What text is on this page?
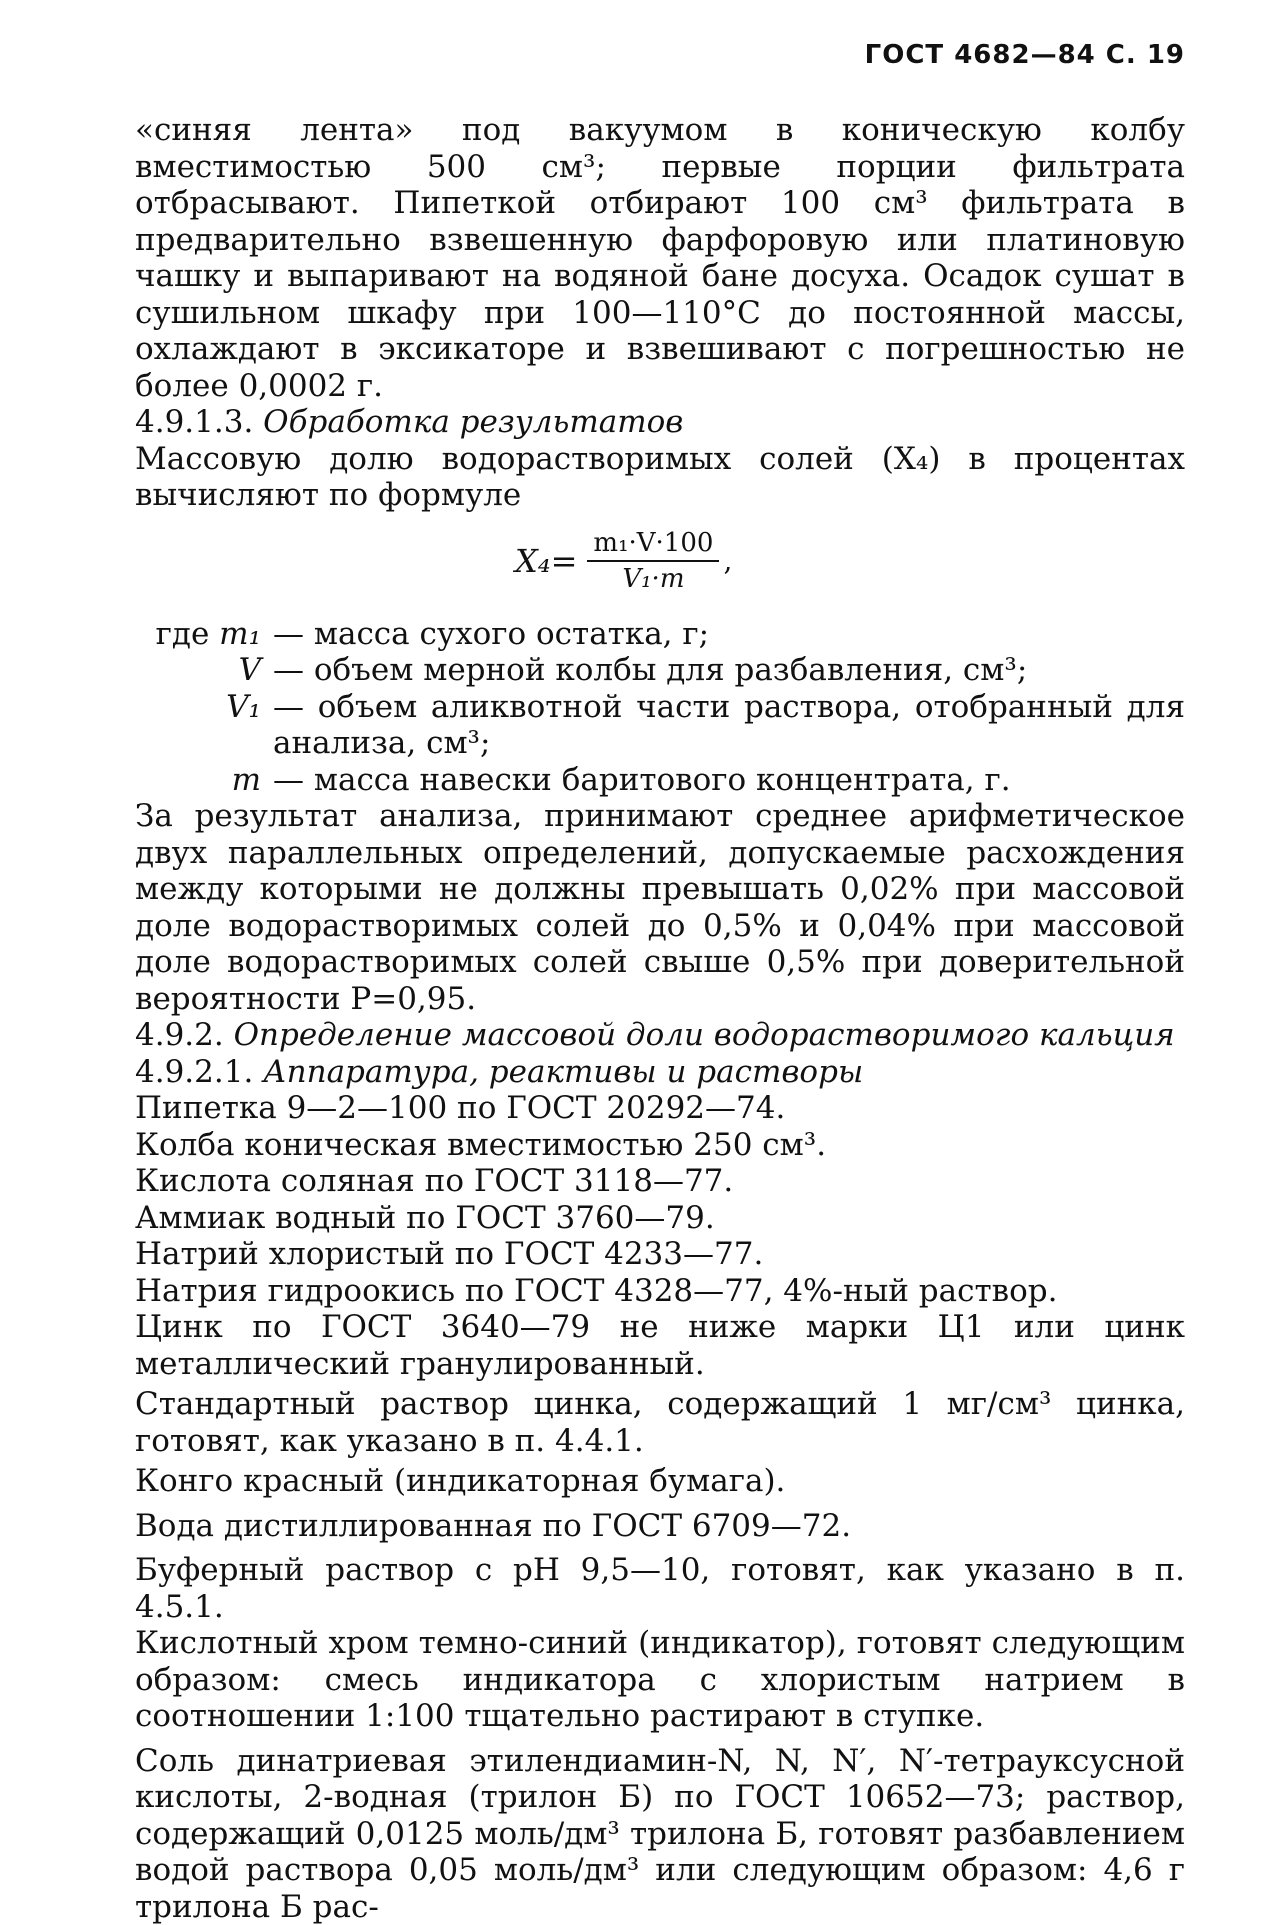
ГОСТ 4682—84 С. 19

«синяя лента» под вакуумом в коническую колбу вместимостью 500 см³; первые порции фильтрата отбрасывают. Пипеткой отбирают 100 см³ фильтрата в предварительно взвешенную фарфоровую или платиновую чашку и выпаривают на водяной бане досуха. Осадок сушат в сушильном шкафу при 100—110°С до постоянной массы, охлаждают в эксикаторе и взвешивают с погрешностью не более 0,0002 г.

4.9.1.3. Обработка результатов

Массовую долю водорастворимых солей (X₄) в процентах вычисляют по формуле

$X_4= \frac{\text{m₁·V·100}}{\text{V₁·m}}$ ,
где m₁ — масса сухого остатка, г;
V — объем мерной колбы для разбавления, см³;
V₁ — объем аликвотной части раствора, отобранный для анализа, см³;
m — масса навески баритового концентрата, г.

За результат анализа, принимают среднее арифметическое двух параллельных определений, допускаемые расхождения между которыми не должны превышать 0,02% при массовой доле водорастворимых солей до 0,5% и 0,04% при массовой доле водорастворимых солей свыше 0,5% при доверительной вероятности P=0,95.

4.9.2. Определение массовой доли водорастворимого кальция

4.9.2.1. Аппаратура, реактивы и растворы

Пипетка 9—2—100 по ГОСТ 20292—74.

Колба коническая вместимостью 250 см³.

Кислота соляная по ГОСТ 3118—77.

Аммиак водный по ГОСТ 3760—79.

Натрий хлористый по ГОСТ 4233—77.

Натрия гидроокись по ГОСТ 4328—77, 4%-ный раствор.

Цинк по ГОСТ 3640—79 не ниже марки Ц1 или цинк металлический гранулированный.

Стандартный раствор цинка, содержащий 1 мг/см³ цинка, готовят, как указано в п. 4.4.1.

Конго красный (индикаторная бумага).

Вода дистиллированная по ГОСТ 6709—72.

Буферный раствор с рН 9,5—10, готовят, как указано в п. 4.5.1.

Кислотный хром темно-синий (индикатор), готовят следующим образом: смесь индикатора с хлористым натрием в соотношении 1:100 тщательно растирают в ступке.

Соль динатриевая этилендиамин-N, N, N′, N′-тетрауксусной кислоты, 2-водная (трилон Б) по ГОСТ 10652—73; раствор, содержащий 0,0125 моль/дм³ трилона Б, готовят разбавлением водой раствора 0,05 моль/дм³ или следующим образом: 4,6 г трилона Б рас-
